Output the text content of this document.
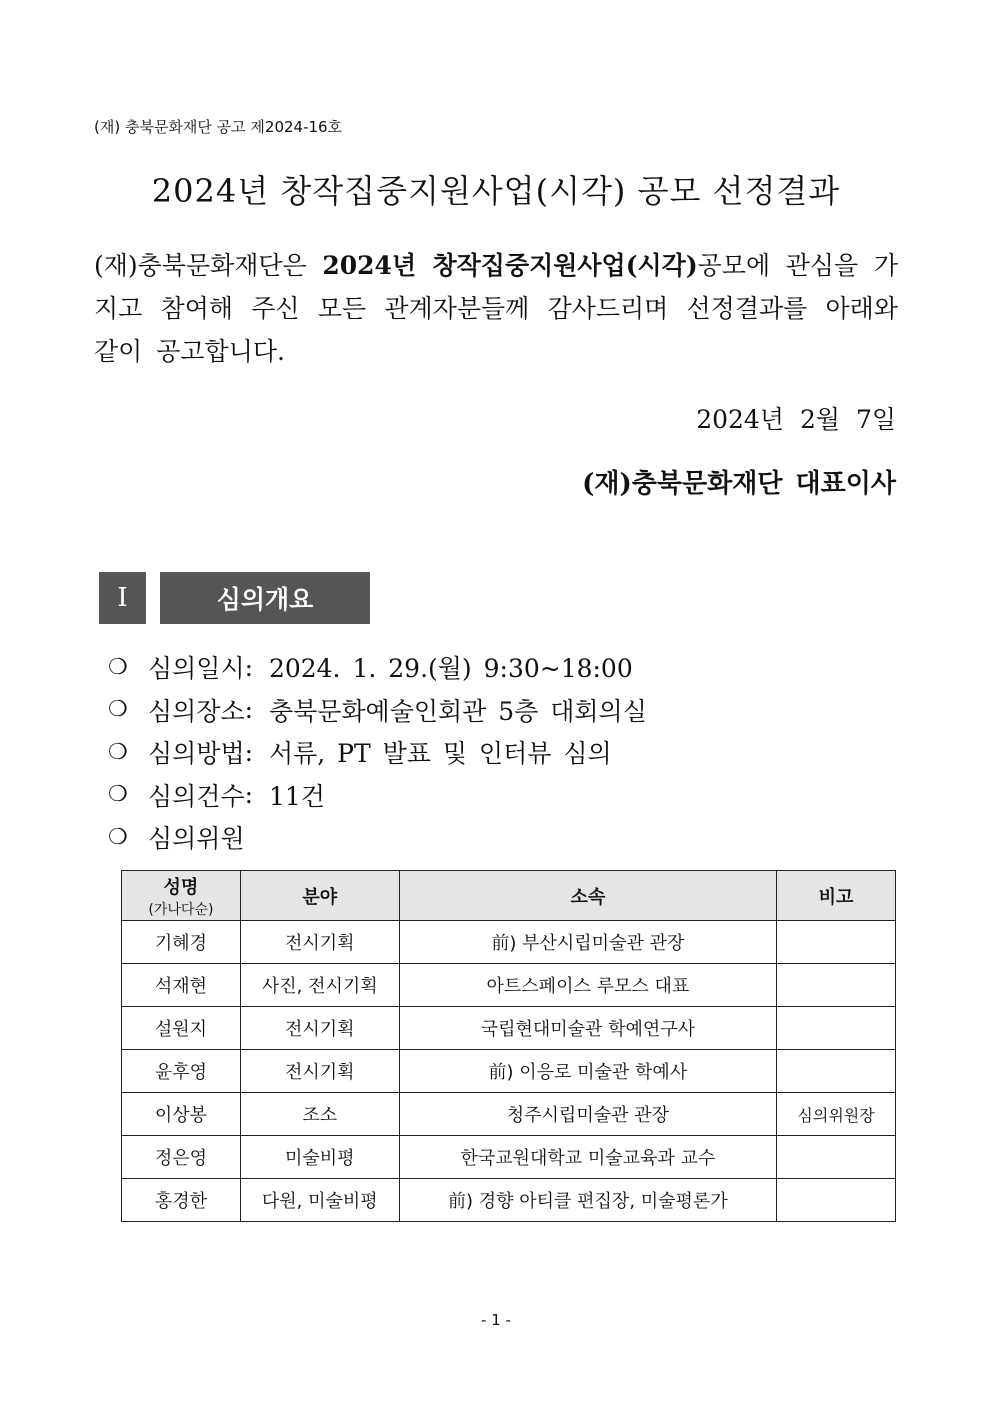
(재) 충북문화재단 공고 제2024-16호
2024년 창작집중지원사업(시각) 공모 선정결과
(재)충북문화재단은 2024년 창작집중지원사업(시각)공모에 관심을 가지고 참여해 주신 모든 관계자분들께 감사드리며 선정결과를 아래와 같이 공고합니다.
2024년 2월 7일
(재)충북문화재단 대표이사
I	심의개요
❍ 심의일시 : 2024. 1. 29.(월) 9:30~18:00
❍ 심의장소 : 충북문화예술인회관 5층 대회의실
❍ 심의방법 : 서류, PT 발표 및 인터뷰 심의
❍ 심의건수 : 11건
❍ 심의위원
성명
(가나다순)	분야	소속	비고
기혜경	전시기획	前) 부산시립미술관 관장	
석재현	사진, 전시기획	아트스페이스 루모스 대표	
설원지	전시기획	국립현대미술관 학예연구사	
윤후영	전시기획	前) 이응로 미술관 학예사	
이상봉	조소	청주시립미술관 관장	심의위원장
정은영	미술비평	한국교원대학교 미술교육과 교수	
홍경한	다원, 미술비평	前) 경향 아티클 편집장, 미술평론가	
- 1 -
